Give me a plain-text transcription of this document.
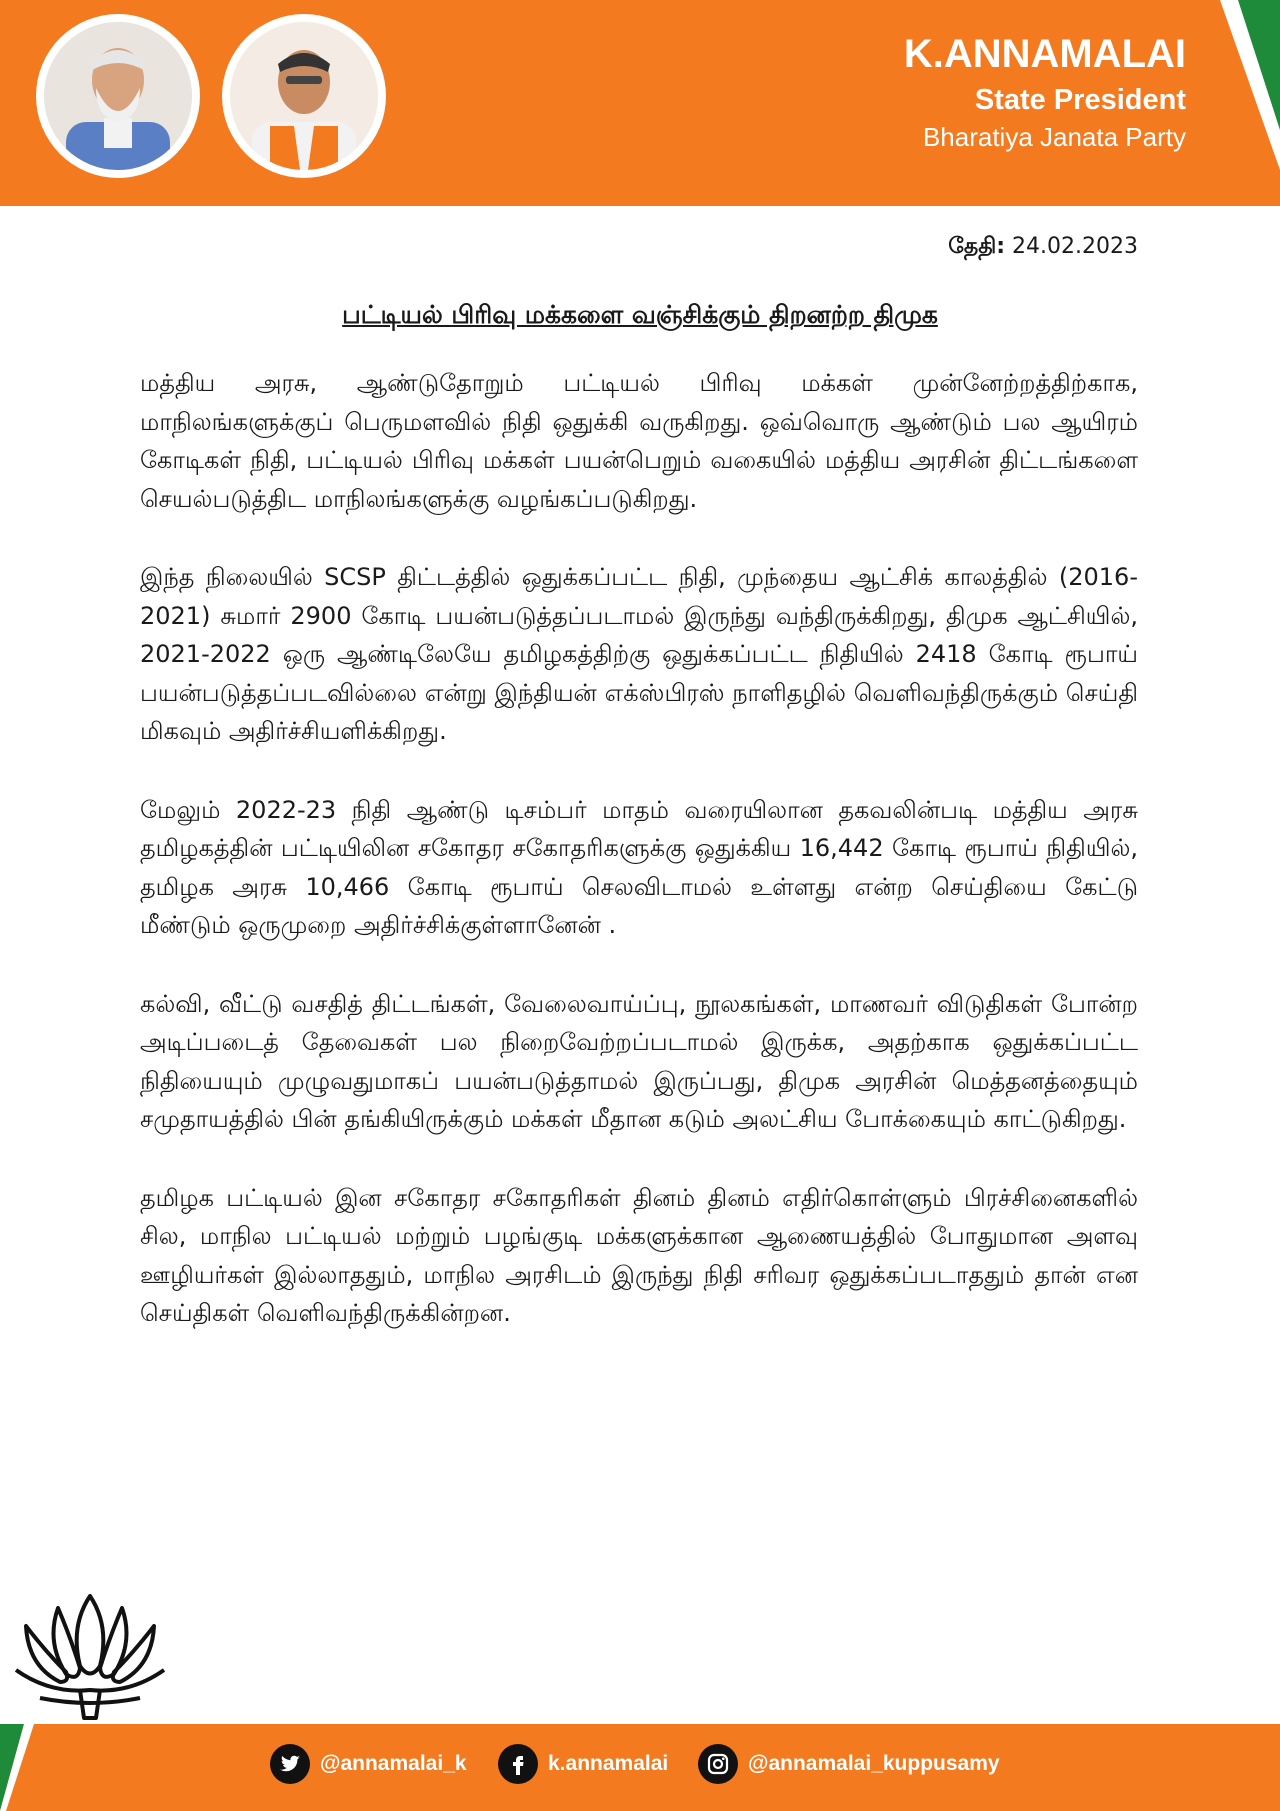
K.ANNAMALAI
State President
Bharatiya Janata Party
தேதி: 24.02.2023
பட்டியல் பிரிவு மக்களை வஞ்சிக்கும் திறனற்ற திமுக

மத்திய அரசு, ஆண்டுதோறும் பட்டியல் பிரிவு மக்கள் முன்னேற்றத்திற்காக, மாநிலங்களுக்குப் பெருமளவில் நிதி ஒதுக்கி வருகிறது. ஒவ்வொரு ஆண்டும் பல ஆயிரம் கோடிகள் நிதி, பட்டியல் பிரிவு மக்கள் பயன்பெறும் வகையில் மத்திய அரசின் திட்டங்களை செயல்படுத்திட மாநிலங்களுக்கு வழங்கப்படுகிறது.

இந்த நிலையில் SCSP திட்டத்தில் ஒதுக்கப்பட்ட நிதி, முந்தைய ஆட்சிக் காலத்தில் (2016-2021) சுமார் 2900 கோடி பயன்படுத்தப்படாமல் இருந்து வந்திருக்கிறது, திமுக ஆட்சியில், 2021-2022 ஒரு ஆண்டிலேயே தமிழகத்திற்கு ஒதுக்கப்பட்ட நிதியில் 2418 கோடி ரூபாய் பயன்படுத்தப்படவில்லை என்று இந்தியன் எக்ஸ்பிரஸ் நாளிதழில் வெளிவந்திருக்கும் செய்தி மிகவும் அதிர்ச்சியளிக்கிறது.

மேலும் 2022-23 நிதி ஆண்டு டிசம்பர் மாதம் வரையிலான தகவலின்படி மத்திய அரசு தமிழகத்தின் பட்டியிலின சகோதர சகோதரிகளுக்கு ஒதுக்கிய 16,442 கோடி ரூபாய் நிதியில், தமிழக அரசு 10,466 கோடி ரூபாய் செலவிடாமல் உள்ளது என்ற செய்தியை கேட்டு மீண்டும் ஒருமுறை அதிர்ச்சிக்குள்ளானேன் .

கல்வி, வீட்டு வசதித் திட்டங்கள், வேலைவாய்ப்பு, நூலகங்கள், மாணவர் விடுதிகள் போன்ற அடிப்படைத் தேவைகள் பல நிறைவேற்றப்படாமல் இருக்க, அதற்காக ஒதுக்கப்பட்ட நிதியையும் முழுவதுமாகப் பயன்படுத்தாமல் இருப்பது, திமுக அரசின் மெத்தனத்தையும் சமுதாயத்தில் பின் தங்கியிருக்கும் மக்கள் மீதான கடும் அலட்சிய போக்கையும் காட்டுகிறது.

தமிழக பட்டியல் இன சகோதர சகோதரிகள் தினம் தினம் எதிர்கொள்ளும் பிரச்சினைகளில் சில, மாநில பட்டியல் மற்றும் பழங்குடி மக்களுக்கான ஆணையத்தில் போதுமான அளவு ஊழியர்கள் இல்லாததும், மாநில அரசிடம் இருந்து நிதி சரிவர ஒதுக்கப்படாததும் தான் என செய்திகள் வெளிவந்திருக்கின்றன.

@annamalai_k	k.annamalai	@annamalai_kuppusamy
